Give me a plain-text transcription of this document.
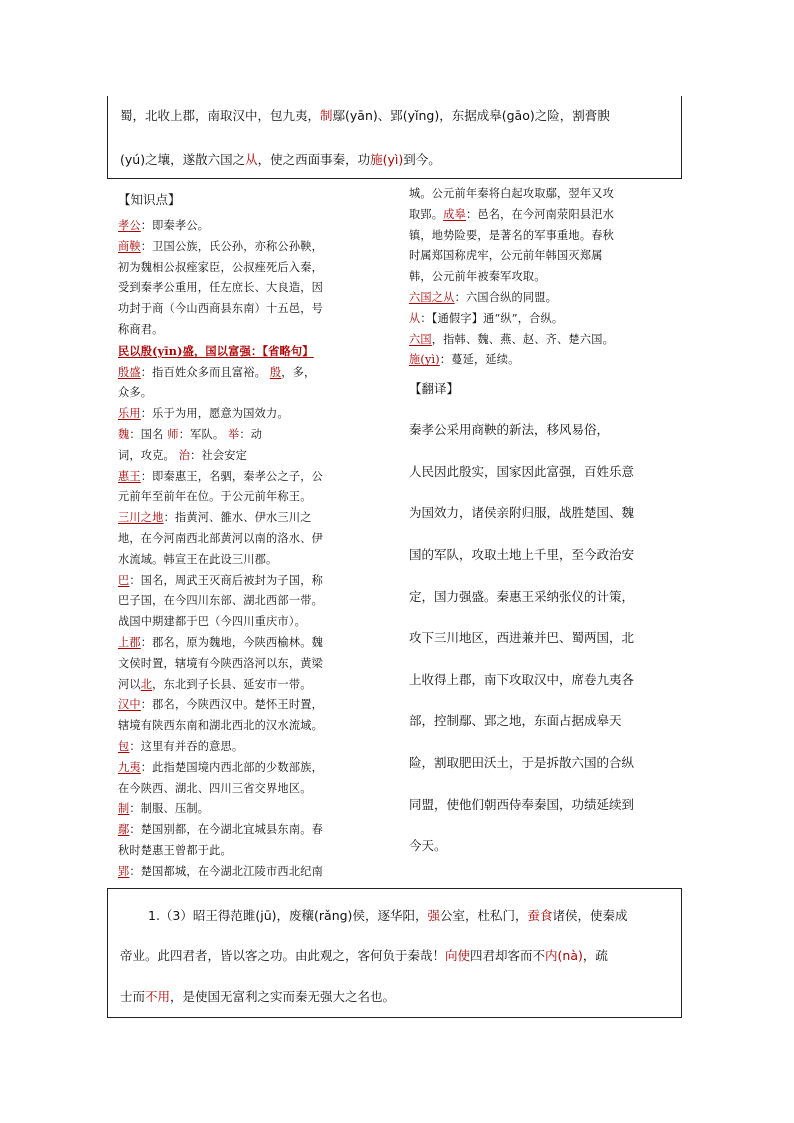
蜀，北收上郡，南取汉中，包九夷，制鄢(yān)、郢(yǐng)，东据成皋(gāo)之险，割膏腴

(yú)之壤，遂散六国之从，使之西面事秦，功施(yì)到今。

【知识点】

孝公：即秦孝公。

商鞅：卫国公族，氏公孙，亦称公孙鞅，

初为魏相公叔痤家臣，公叔痤死后入秦，

受到秦孝公重用，任左庶长、大良造，因

功封于商（今山西商县东南）十五邑，号

称商君。

民以殷(yīn)盛，国以富强：【省略句】

殷盛：指百姓众多而且富裕。 殷，多，

众多。

乐用：乐于为用，愿意为国效力。

魏：国名 师：军队。 举：动

词，攻克。 治：社会安定

惠王：即秦惠王，名驷，秦孝公之子，公

元前年至前年在位。于公元前年称王。

三川之地：指黄河、雒水、伊水三川之

地，在今河南西北部黄河以南的洛水、伊

水流域。韩宣王在此设三川郡。

巴：国名，周武王灭商后被封为子国，称

巴子国，在今四川东部、湖北西部一带。

战国中期建都于巴（今四川重庆市）。

上郡：郡名，原为魏地，今陕西榆林。魏

文侯时置，辖境有今陕西洛河以东，黄梁

河以北，东北到子长县、延安市一带。

汉中：郡名，今陕西汉中。楚怀王时置，

辖境有陕西东南和湖北西北的汉水流域。

包：这里有并吞的意思。

九夷：此指楚国境内西北部的少数部族，

在今陕西、湖北、四川三省交界地区。

制：制服、压制。

鄢：楚国别都，在今湖北宜城县东南。春

秋时楚惠王曾都于此。

郢：楚国都城，在今湖北江陵市西北纪南

城。公元前年秦将白起攻取鄢，翌年又攻

取郢。成皋：邑名，在今河南荥阳县汜水

镇，地势险要，是著名的军事重地。春秋

时属郑国称虎牢，公元前年韩国灭郑属

韩，公元前年被秦军攻取。

六国之从：六国合纵的同盟。

从：【通假字】通“纵”，合纵。

六国，指韩、魏、燕、赵、齐、楚六国。

施(yì)：蔓延，延续。

【翻译】

秦孝公采用商鞅的新法，移风易俗，

人民因此殷实，国家因此富强，百姓乐意

为国效力，诸侯亲附归服，战胜楚国、魏

国的军队，攻取土地上千里，至今政治安

定，国力强盛。秦惠王采纳张仪的计策，

攻下三川地区，西进兼并巴、蜀两国，北

上收得上郡，南下攻取汉中，席卷九夷各

部，控制鄢、郢之地，东面占据成皋天

险，割取肥田沃土，于是拆散六国的合纵

同盟，使他们朝西侍奉秦国，功绩延续到

今天。

1.（3）昭王得范雎(jū)，废穰(rǎng)侯，逐华阳，强公室，杜私门，蚕食诸侯，使秦成

帝业。此四君者，皆以客之功。由此观之，客何负于秦哉！向使四君却客而不内(nà)，疏

士而不用，是使国无富利之实而秦无强大之名也。
